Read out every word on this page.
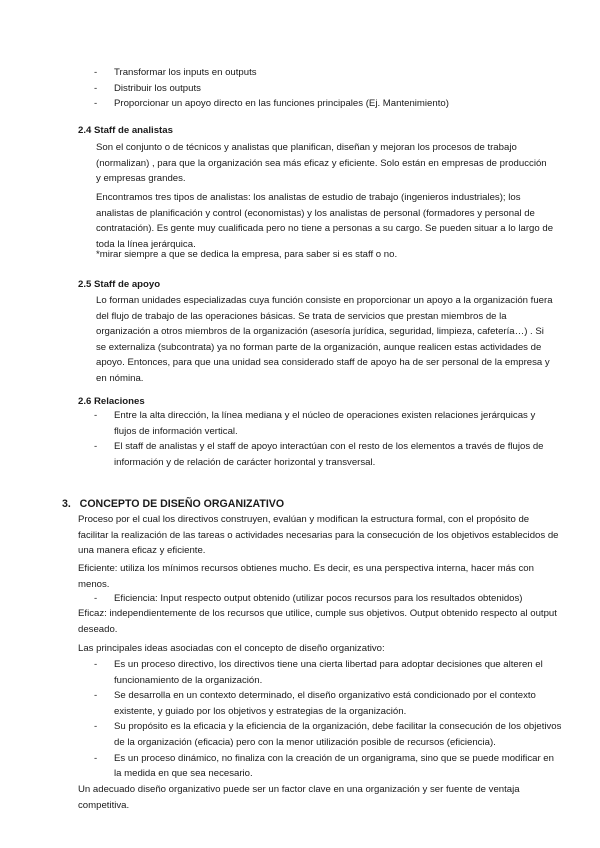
- Transformar los inputs en outputs
- Distribuir los outputs
- Proporcionar un apoyo directo en las funciones principales (Ej. Mantenimiento)
2.4 Staff de analistas

Son el conjunto o de técnicos y analistas que planifican, diseñan y mejoran los procesos de trabajo (normalizan) , para que la organización sea más eficaz y eficiente. Solo están en empresas de producción y empresas grandes.

Encontramos tres tipos de analistas: los analistas de estudio de trabajo (ingenieros industriales); los analistas de planificación y control (economistas) y los analistas de personal (formadores y personal de contratación). Es gente muy cualificada pero no tiene a personas a su cargo. Se pueden situar a lo largo de toda la línea jerárquica.

*mirar siempre a que se dedica la empresa, para saber si es staff o no.

2.5 Staff de apoyo

Lo forman unidades especializadas cuya función consiste en proporcionar un apoyo a la organización fuera del flujo de trabajo de las operaciones básicas. Se trata de servicios que prestan miembros de la organización a otros miembros de la organización (asesoría jurídica, seguridad, limpieza, cafetería…) . Si se externaliza (subcontrata) ya no forman parte de la organización, aunque realicen estas actividades de apoyo. Entonces, para que una unidad sea considerado staff de apoyo ha de ser personal de la empresa y en nómina.

2.6 Relaciones
- Entre la alta dirección, la línea mediana y el núcleo de operaciones existen relaciones jerárquicas y flujos de información vertical.
- El staff de analistas y el staff de apoyo interactúan con el resto de los elementos a través de flujos de información y de relación de carácter horizontal y transversal.
3.   CONCEPTO DE DISEÑO ORGANIZATIVO

Proceso por el cual los directivos construyen, evalúan y modifican la estructura formal, con el propósito de facilitar la realización de las tareas o actividades necesarias para la consecución de los objetivos establecidos de una manera eficaz y eficiente.

Eficiente: utiliza los mínimos recursos obtienes mucho. Es decir, es una perspectiva interna, hacer más con menos.

- Eficiencia: Input respecto output obtenido (utilizar pocos recursos para los resultados obtenidos)

Eficaz: independientemente de los recursos que utilice, cumple sus objetivos. Output obtenido respecto al output deseado.

Las principales ideas asociadas con el concepto de diseño organizativo:

- Es un proceso directivo, los directivos tiene una cierta libertad para adoptar decisiones que alteren el funcionamiento de la organización.
- Se desarrolla en un contexto determinado, el diseño organizativo está condicionado por el contexto existente, y guiado por los objetivos y estrategias de la organización.
- Su propósito es la eficacia y la eficiencia de la organización, debe facilitar la consecución de los objetivos de la organización (eficacia) pero con la menor utilización posible de recursos (eficiencia).
- Es un proceso dinámico, no finaliza con la creación de un organigrama, sino que se puede modificar en la medida en que sea necesario.

Un adecuado diseño organizativo puede ser un factor clave en una organización y ser fuente de ventaja competitiva.
